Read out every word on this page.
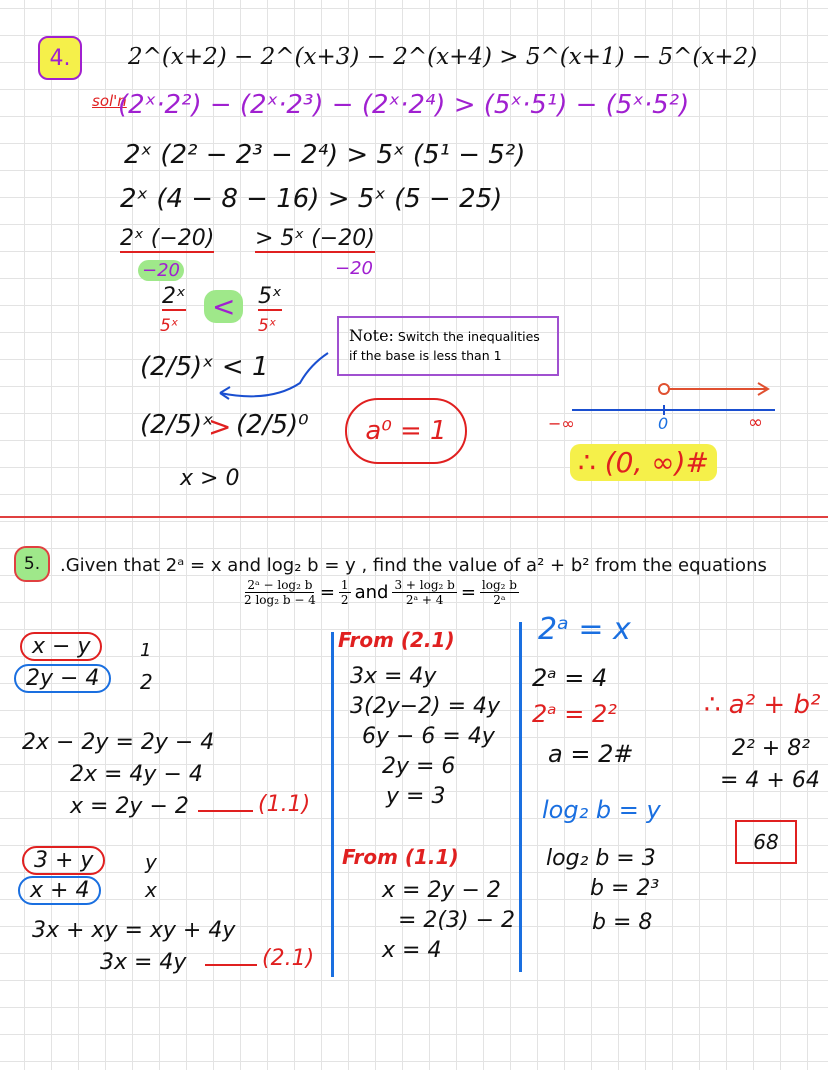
4.	2^(x+2) − 2^(x+3) − 2^(x+4) > 5^(x+1) − 5^(x+2)
sol'n
(2ˣ·2²) − (2ˣ·2³) − (2ˣ·2⁴) > (5ˣ·5¹) − (5ˣ·5²)
2ˣ (2² − 2³ − 2⁴) > 5ˣ (5¹ − 5²)
2ˣ (4 − 8 − 16) > 5ˣ (5 − 25)
2ˣ (−20)
−20
> 5ˣ (−20)
−20
2ˣ
5ˣ
<	5ˣ
5ˣ
(2/5)ˣ < 1
(2/5)ˣ
> (2/5)⁰
x > 0
Note: Switch the inequalities if the base is less than 1
a⁰ = 1	−∞	0	∞
∴ (0, ∞)#
5. .Given that 2ᵃ = x and log₂ b = y , find the value of a² + b² from the equations
$\frac{\text{2ᵃ − log₂ b}}{\text{2 log₂ b − 4}} = \frac{1}{2}$ and $\frac{\text{3 + log₂ b}}{\text{2ᵃ + 4}} = \frac{\text{log₂ b}}{\text{2ᵃ}}$
x − y
2y − 4
1
2
2x − 2y = 2y − 4
2x = 4y − 4
x = 2y − 2	(1.1)
3 + y
x + 4
y
x
3x + xy = xy + 4y
3x = 4y	(2.1)
From (2.1)
3x = 4y
3(2y−2) = 4y
6y − 6 = 4y
2y = 6
y = 3
From (1.1)
x = 2y − 2
= 2(3) − 2
x = 4
2ᵃ = x
2ᵃ = 4
2ᵃ = 2²
a = 2#
log₂ b = y
log₂ b = 3
b = 2³
b = 8
∴ a² + b²
2² + 8²
= 4 + 64
68
